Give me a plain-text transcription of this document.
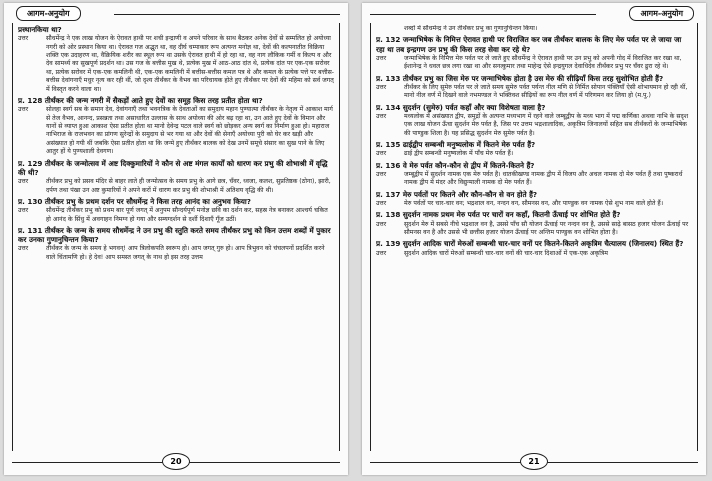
आगम-अनुयोग
प्रस्थानकिया था?
उत्तर	सौधर्मेन्द्र ने एक लाख योजन के ऐरावत हाथी पर शची इन्द्राणी व अपने परिवार के साथ बैठकर अनेक देवों से सम्मलित हो अयोध्या नगरी को ओर प्रस्थान किया था। ऐरावत गज अद्भुत था, वह दीर्घ चम्पाकार रूप अत्यन्त मनोज्ञ था, देवों की कल्पनातीत विक्रिया शक्ति एक उदाहरण था, वैक्रियिक शरीर का स्थूल रूप था उसके ऐरावत हाथी में हो रहा था, वह नाग लौकिक गर्मी व किल्प व और देव सामर्थ्य का सुखपूर्ण प्रदर्शन था। उस गज के बत्तीस मुख थे, प्रत्येक मुख में आठ-आठ दांत थे, प्रत्येक दांत पर एक-एक सरोवर था, प्रत्येक सरोवर में एक-एक कमलिनी थी, एक-एक कमलिनी में बत्तीस-बत्तीस कमल पत्र थे और कमल के प्रत्येक पत्ते पर बत्तीस-बत्तीस देवांगनाएँ मधुर नृत्य कर रही थीं, जो दृश्य तीर्थंकर के वैभव का परिचायक होते हुए तीर्थंकर पर देवों की महिमा को सर्व जगत् में विस्तृत करने वाला था।
प्र. 128 तीर्थंकर की जन्म नगरी में सैकड़ों आते हुए देवों का समूह किस तरह प्रतीत होता था?
उत्तर	सोलहा स्वर्ग सब के समान देव, देवांगनाएँ तथा भवनत्रिक के देवताओं का समुदाय महान पुण्यात्मा तीर्थंकर के नेतृत्व में आकाश मार्ग से तेज वैभव, आनन्द, प्रसन्नता तथा असाधारित उल्लास के साथ अयोध्या की ओर बढ़ रहा था, उन आते हुए देवों के विमान और यानों से व्याप्त हुआ आकाश ऐसा प्रतीत होता था मानो देवेन्द्र पटल वाले स्वर्ग को छोड़कर अन्य स्वर्ग का निर्माण हुआ हो। महाराज नाभिराज के राजभवन का प्रांगण सुरेन्द्रों के समुदाय से भर गया था और देवों की सेनाएँ अयोध्या पुरी को घेर कर खड़ी और असंख्यात हो गयी थीं जबकि ऐसा प्रतीत होता था कि जन्मे हुए तीर्थंकर बालक को देख उनमें समूचे संसार का सुख पाने के लिए आतुर हों ये पुण्यशाली देवगण।
प्र. 129 तीर्थंकर के जन्मोत्सव में अष्ट दिक्कुमारियों ने कौन से अष्ट मंगल कार्यों को धारण कर प्रभु की शोभाश्री में वृद्धि की थी?
उत्तर	तीर्थंकर प्रभु को प्रसव मंदिर से बाहर लाते ही जन्मोत्सव के समय प्रभु के आगे छत्र, चँवर, ध्वजा, कलश, सुप्रतिष्ठक (ठोना), झारी, दर्पण तथा पंखा उन अष्ट कुमारियों ने अपने करों में धारण कर प्रभु की शोभाश्री में अतिशय वृद्धि की थी।
प्र. 130 तीर्थंकर प्रभु के प्रथम दर्शन पर सौधर्मेन्द्र ने किस तरह आनंद का अनुभव किया?
उत्तर	सौधर्मेन्द्र तीर्थंकर प्रभु को प्रथम बार पूर्ण जगत् में अनुपम सौन्दर्यपूर्ण मनोज्ञ छवि का दर्शन कर, सहस्र नेत्र बनाकर आश्चर्य चकित हो आनंद के सिंधु में अवगाहन निमग्न हो गया और सम्यग्दर्शन से दर्शी दिशाएँ गूँज उठीं।
प्र. 131 तीर्थंकर के जन्म के समय सौधर्मेन्द्र ने उन प्रभु की स्तुति करते समय तीर्थंकर प्रभु को किन उत्तम शब्दों में पुकार कर उनका गुणानुचिन्तन किया?
उत्तर	तीर्थंकर के जन्म के समय हे भगवन्! आप त्रिलोकपति स्वरूप हो। आप जगत् गुरु हो। आप त्रिभुवन को चंचलपनों प्रदर्शित करने वाले चिंतामणि हो। हे देव! आप समस्त जगत् के नाथ हो इस तरह उत्तम
20
आगम-अनुयोग
शब्दों में सौधर्मेन्द्र ने उन तीर्थंकर प्रभु का गुणानुचिन्तन किया।
प्र. 132 जन्माभिषेक के निमित्त ऐरावत हाथी पर विराजित कर जब तीर्थंकर बालक के लिए मेरु पर्वत पर ले जाया जा रहा था तब इन्द्रगण उन प्रभु की किस तरह सेवा कर रहे थे?
उत्तर	जन्माभिषेक के निमित्त मेरु पर्वत पर ले जाते हुए सौधर्मेन्द्र ने ऐरावत हाथी पर उन प्रभु को अपनी गोद में विराजित कर रखा था, ईशानेन्द्र ने धवल छत्र लगा रखा था और सनत्कुमार तथा माहेन्द्र ऐसे इन्द्रयुगल देवाधिदेव तीर्थंकर प्रभु पर चँवर ढुरा रहे थे।
प्र. 133 तीर्थंकर प्रभु का जिस मेरु पर जन्माभिषेक होता है उस मेरु की सीढ़ियाँ किस तरह सुशोभित होती हैं?
उत्तर	तीर्थंकर के लिए सुमेरु पर्वत पर ले जाते समय सुमेरु पर्वत पर्यन्त नील मणि से निर्मित सोपान पंक्तियाँ ऐसी शोभायमान हो रही थीं, मानो नील वर्ण में दिखने वाले नभमण्डल ने भक्तिवश सीढ़ियों का रूप नील वर्ण में परिणमन कर लिया हो (म.पु.)
प्र. 134 सुदर्शन (सुमेरु) पर्वत कहाँ और क्या विशेषता वाला है?
उत्तर	मध्यलोक में असंख्यात द्वीप, समुद्रों के अत्यन्त मध्यभाग में रहने वाले जम्बूद्वीप के मध्य भाग में पद्म कर्णिका अथवा नाभि के सदृश एक लाख योजन ऊँचा सुदर्शन मेरु पर्वत है, जिस पर उत्तम भद्रशालादिक, अकृत्रिम जिनालयों सहित सब तीर्थंकरों के जन्माभिषेक की पाण्डुक शिला है। यह प्रसिद्ध सुदर्शन मेरु सुमेरु पर्वत है।
प्र. 135 ढाईद्वीप सम्बन्धी मनुष्यलोक में कितने मेरु पर्वत हैं?
उत्तर	ढाई द्वीप सम्बन्धी मनुष्यलोक में पाँच मेरु पर्वत हैं।
प्र. 136 वे मेरु पर्वत कौन-कौन से द्वीप में कितने-कितने हैं?
उत्तर	जम्बूद्वीप में सुदर्शन नामक एक मेरु पर्वत है। धातकीखण्ड नामक द्वीप में विजय और अचल नामक दो मेरु पर्वत हैं तथा पुष्करार्ध नामक द्वीप में मंदर और विद्युन्माली नामक दो मेरु पर्वत हैं।
प्र. 137 मेरु पर्वतों पर कितने और कौन-कौन से वन होते हैं?
उत्तर	मेरु पर्वतों पर चार-चार वन; भद्रशाल वन, नन्दन वन, सौमनस वन, और पाण्डुक वन नामक ऐसे शुभ नाम वाले होते हैं।
प्र. 138 सुदर्शन नामक प्रथम मेरु पर्वत पर चारों वन कहाँ, कितनी ऊँचाई पर शोभित होते हैं?
उत्तर	सुदर्शन मेरु में सबसे नीचे भद्रशाल वन है, उससे पाँच सौ योजन ऊँचाई पर नन्दन वन है, उससे साढ़े बासठ हजार योजन ऊँचाई पर सौमनस वन है और उससे भी छत्तीस हजार योजन ऊँचाई पर अन्तिम पाण्डुक वन शोभित होता है।
प्र. 139 सुदर्शन आदिक चारों मेरुओं सम्बन्धी चार-चार वनों पर कितने-कितने अकृत्रिम चैत्यालय (जिनालय) स्थित हैं?
उत्तर	सुदर्शन आदिक चारों मेरुओं सम्बन्धी चार-चार वनों की चार-चार दिशाओं में एक-एक अकृत्रिम
21
